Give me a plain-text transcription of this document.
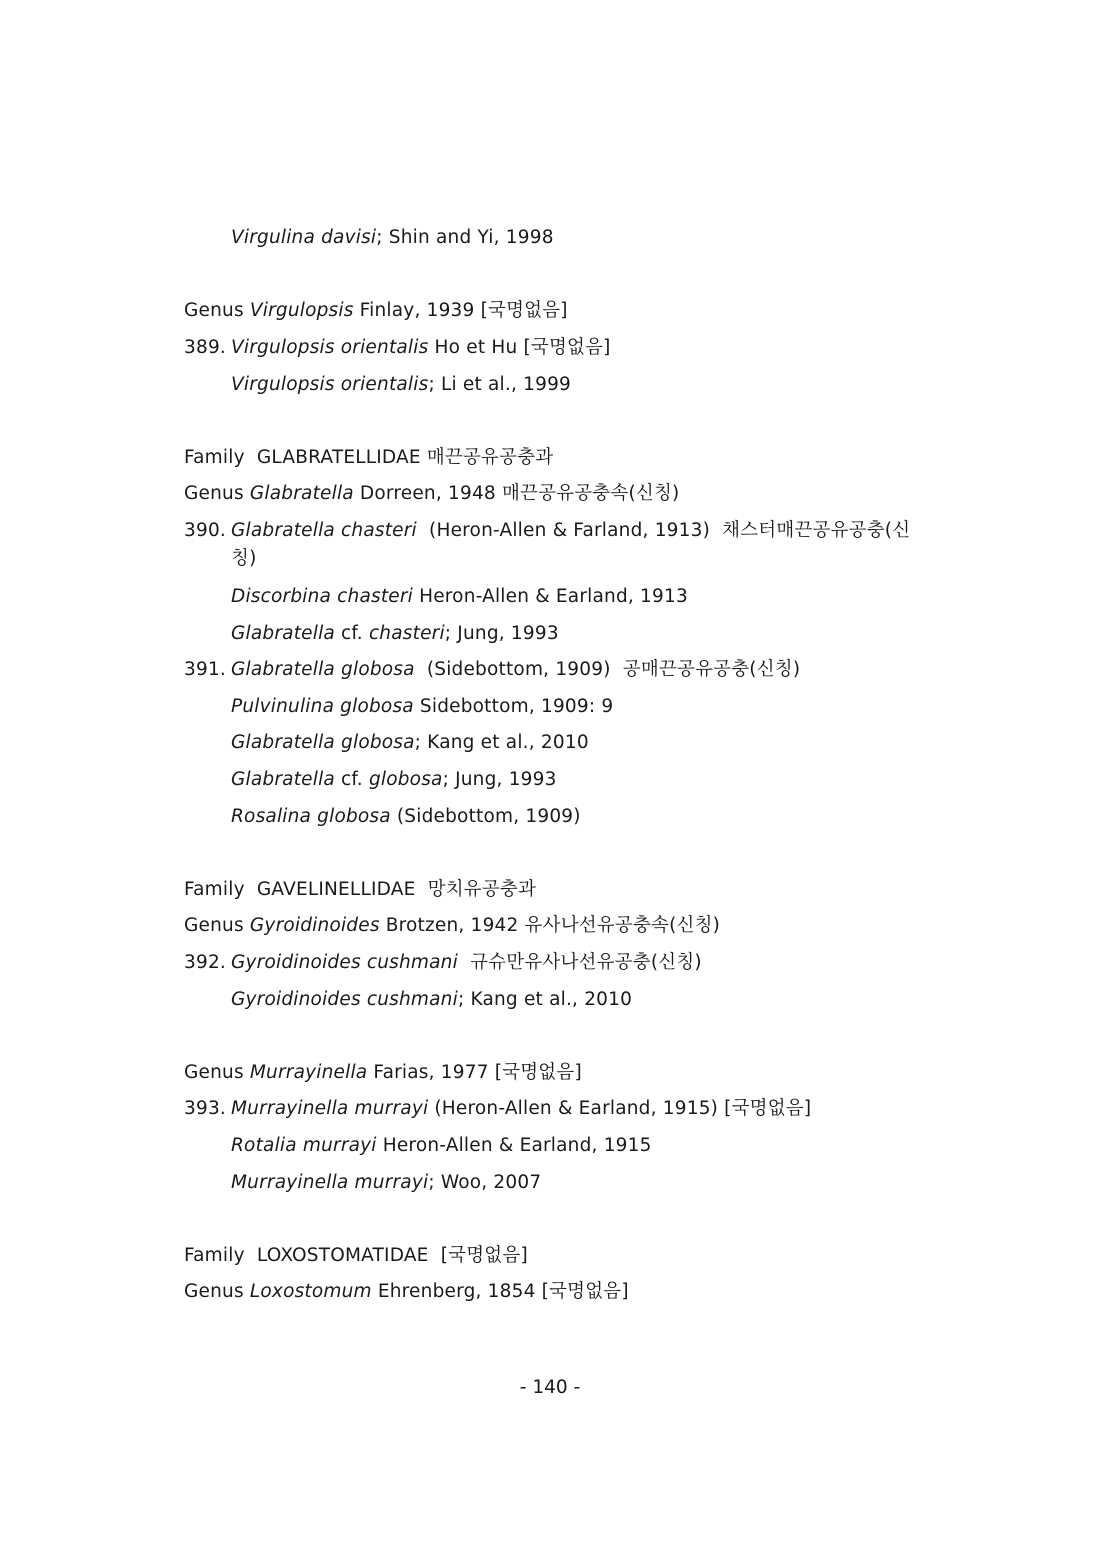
Virgulina davisi; Shin and Yi, 1998
Genus Virgulopsis Finlay, 1939 [국명없음]
389. Virgulopsis orientalis Ho et Hu [국명없음]
Virgulopsis orientalis; Li et al., 1999
Family  GLABRATELLIDAE 매끈공유공충과
Genus Glabratella Dorreen, 1948 매끈공유공충속(신칭)
390. Glabratella chasteri  (Heron-Allen & Farland, 1913)  채스터매끈공유공충(신
칭)
Discorbina chasteri Heron-Allen & Earland, 1913
Glabratella cf. chasteri; Jung, 1993
391. Glabratella globosa  (Sidebottom, 1909)  공매끈공유공충(신칭)
Pulvinulina globosa Sidebottom, 1909: 9
Glabratella globosa; Kang et al., 2010
Glabratella cf. globosa; Jung, 1993
Rosalina globosa (Sidebottom, 1909)
Family  GAVELINELLIDAE  망치유공충과
Genus Gyroidinoides Brotzen, 1942 유사나선유공충속(신칭)
392. Gyroidinoides cushmani  규슈만유사나선유공충(신칭)
Gyroidinoides cushmani; Kang et al., 2010
Genus Murrayinella Farias, 1977 [국명없음]
393. Murrayinella murrayi (Heron-Allen & Earland, 1915) [국명없음]
Rotalia murrayi Heron-Allen & Earland, 1915
Murrayinella murrayi; Woo, 2007
Family  LOXOSTOMATIDAE  [국명없음]
Genus Loxostomum Ehrenberg, 1854 [국명없음]
- 140 -
